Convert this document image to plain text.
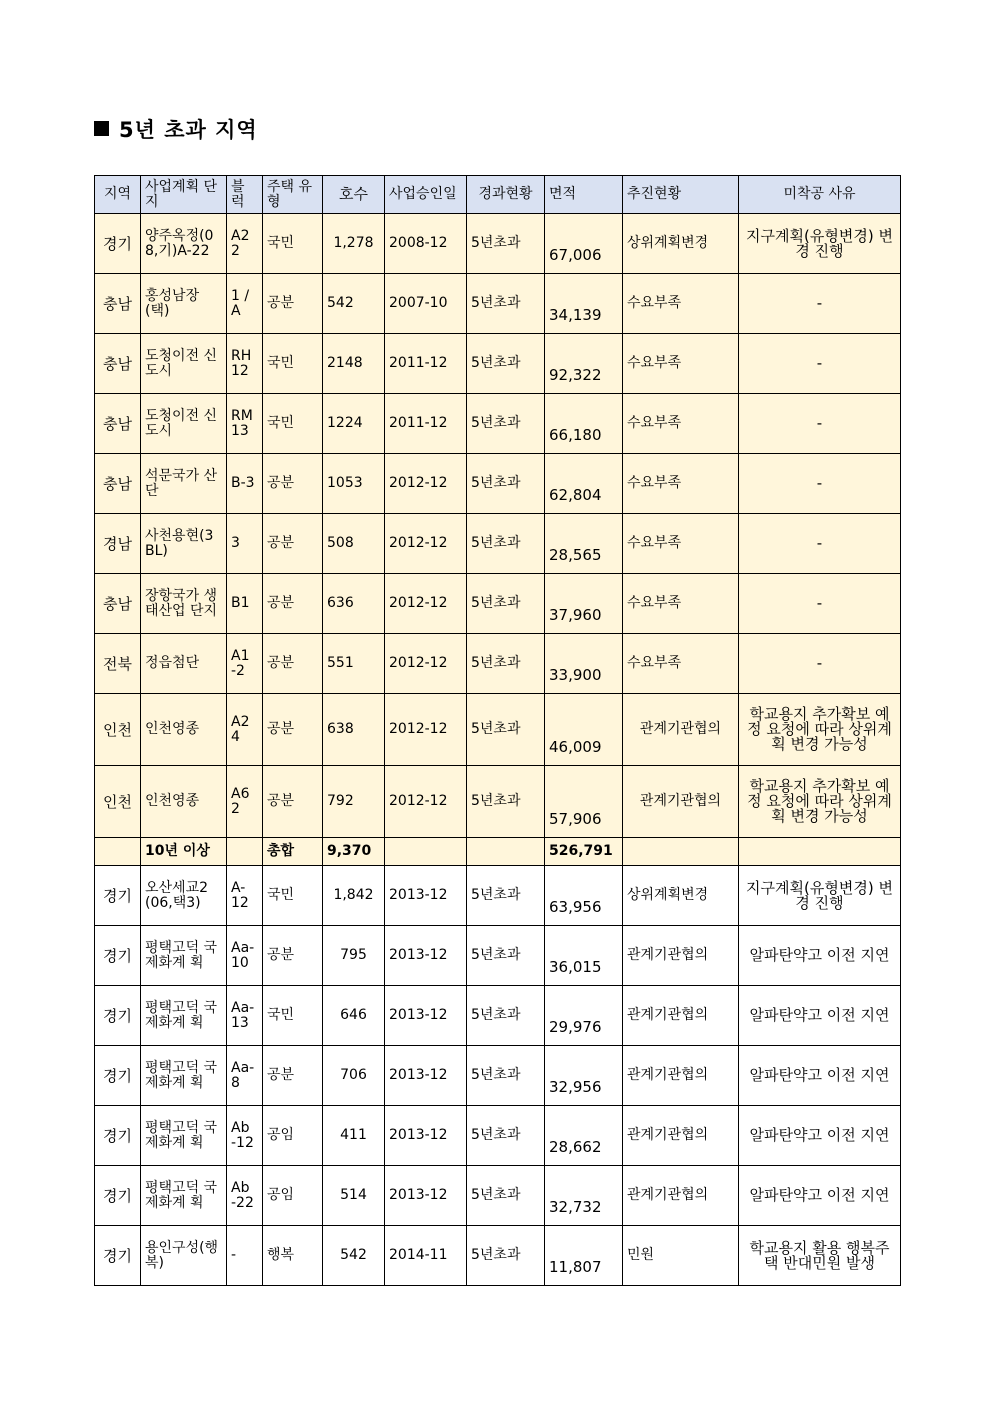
5년 초과 지역
지역	사업계획 단지	블럭	주택 유형	호수	사업승인일	경과현황	면적	추진현황	미착공 사유
경기	양주옥정(08,기)A-22	A22	국민	1,278	2008-12	5년초과	67,006	상위계획변경	지구계획(유형변경) 변경 진행
충남	홍성남장(택)	1 / A	공분	542	2007-10	5년초과	34,139	수요부족	-
충남	도청이전 신도시	RH 12	국민	2148	2011-12	5년초과	92,322	수요부족	-
충남	도청이전 신도시	RM 13	국민	1224	2011-12	5년초과	66,180	수요부족	-
충남	석문국가 산단	B-3	공분	1053	2012-12	5년초과	62,804	수요부족	-
경남	사천용현(3BL)	3	공분	508	2012-12	5년초과	28,565	수요부족	-
충남	장항국가 생태산업 단지	B1	공분	636	2012-12	5년초과	37,960	수요부족	-
전북	정읍첨단	A1 -2	공분	551	2012-12	5년초과	33,900	수요부족	-
인천	인천영종	A2 4	공분	638	2012-12	5년초과	46,009	관계기관협의	학교용지 추가확보 예정 요청에 따라 상위계획 변경 가능성
인천	인천영종	A6 2	공분	792	2012-12	5년초과	57,906	관계기관협의	학교용지 추가확보 예정 요청에 따라 상위계획 변경 가능성
	10년 이상		총합	9,370			526,791		
경기	오산세교2 (06,택3)	A- 12	국민	1,842	2013-12	5년초과	63,956	상위계획변경	지구계획(유형변경) 변경 진행
경기	평택고덕 국제화계 획	Aa- 10	공분	795	2013-12	5년초과	36,015	관계기관협의	알파탄약고 이전 지연
경기	평택고덕 국제화계 획	Aa- 13	국민	646	2013-12	5년초과	29,976	관계기관협의	알파탄약고 이전 지연
경기	평택고덕 국제화계 획	Aa- 8	공분	706	2013-12	5년초과	32,956	관계기관협의	알파탄약고 이전 지연
경기	평택고덕 국제화계 획	Ab -12	공임	411	2013-12	5년초과	28,662	관계기관협의	알파탄약고 이전 지연
경기	평택고덕 국제화계 획	Ab -22	공임	514	2013-12	5년초과	32,732	관계기관협의	알파탄약고 이전 지연
경기	용인구성(행복)	-	행복	542	2014-11	5년초과	11,807	민원	학교용지 활용 행복주택 반대민원 발생
